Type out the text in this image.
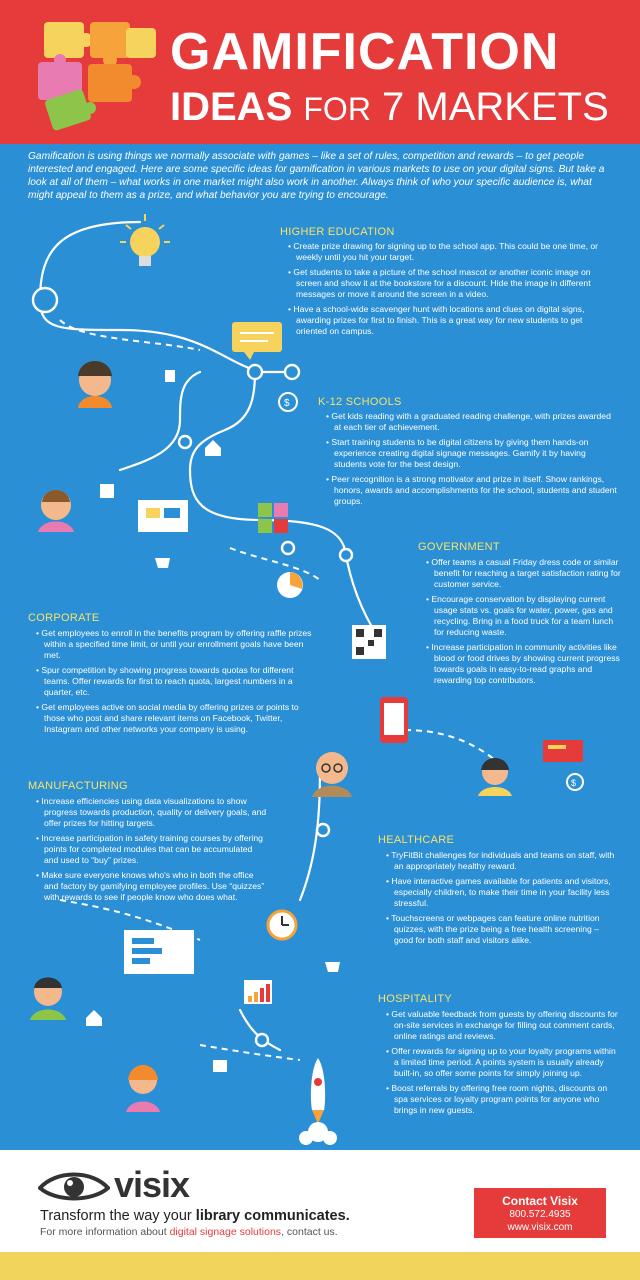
GAMIFICATION
IDEAS FOR 7 MARKETS

Gamification is using things we normally associate with games – like a set of rules, competition and rewards – to get people interested and engaged. Here are some specific ideas for gamification in various markets to use on your digital signs. But take a look at all of them – what works in one market might also work in another. Always think of who your specific audience is, what might appeal to them as a prize, and what behavior you are trying to encourage.

$
$
HIGHER EDUCATION
• Create prize drawing for signing up to the school app. This could be one time, or weekly until you hit your target.
• Get students to take a picture of the school mascot or another iconic image on screen and show it at the bookstore for a discount. Hide the image in different messages or move it around the screen in a video.
• Have a school-wide scavenger hunt with locations and clues on digital signs, awarding prizes for first to finish. This is a great way for new students to get oriented on campus.
K-12 SCHOOLS
• Get kids reading with a graduated reading challenge, with prizes awarded at each tier of achievement.
• Start training students to be digital citizens by giving them hands-on experience creating digital signage messages. Gamify it by having students vote for the best design.
• Peer recognition is a strong motivator and prize in itself. Show rankings, honors, awards and accomplishments for the school, students and student groups.
GOVERNMENT
• Offer teams a casual Friday dress code or similar benefit for reaching a target satisfaction rating for customer service.
• Encourage conservation by displaying current usage stats vs. goals for water, power, gas and recycling. Bring in a food truck for a team lunch for reducing waste.
• Increase participation in community activities like blood or food drives by showing current progress towards goals in easy-to-read graphs and rewarding top contributors.
CORPORATE
• Get employees to enroll in the benefits program by offering raffle prizes within a specified time limit, or until your enrollment goals have been met.
• Spur competition by showing progress towards quotas for different teams. Offer rewards for first to reach quota, largest numbers in a quarter, etc.
• Get employees active on social media by offering prizes or points to those who post and share relevant items on Facebook, Twitter, Instagram and other networks your company is using.
MANUFACTURING
• Increase efficiencies using data visualizations to show progress towards production, quality or delivery goals, and offer prizes for hitting targets.
• Increase participation in safety training courses by offering points for completed modules that can be accumulated and used to “buy” prizes.
• Make sure everyone knows who's who in both the office and factory by gamifying employee profiles. Use “quizzes” with rewards to see if people know who does what.
HEALTHCARE
• TryFitBit challenges for individuals and teams on staff, with an appropriately healthy reward.
• Have interactive games available for patients and visitors, especially children, to make their time in your facility less stressful.
• Touchscreens or webpages can feature online nutrition quizzes, with the prize being a free health screening – good for both staff and visitors alike.
HOSPITALITY
• Get valuable feedback from guests by offering discounts for on-site services in exchange for filling out comment cards, online ratings and reviews.
• Offer rewards for signing up to your loyalty programs within a limited time period. A points system is usually already built-in, so offer some points for simply joining up.
• Boost referrals by offering free room nights, discounts on spa services or loyalty program points for anyone who brings in new guests.
visix
Transform the way your library communicates.
For more information about digital signage solutions, contact us.
Contact Visix
800.572.4935
www.visix.com
